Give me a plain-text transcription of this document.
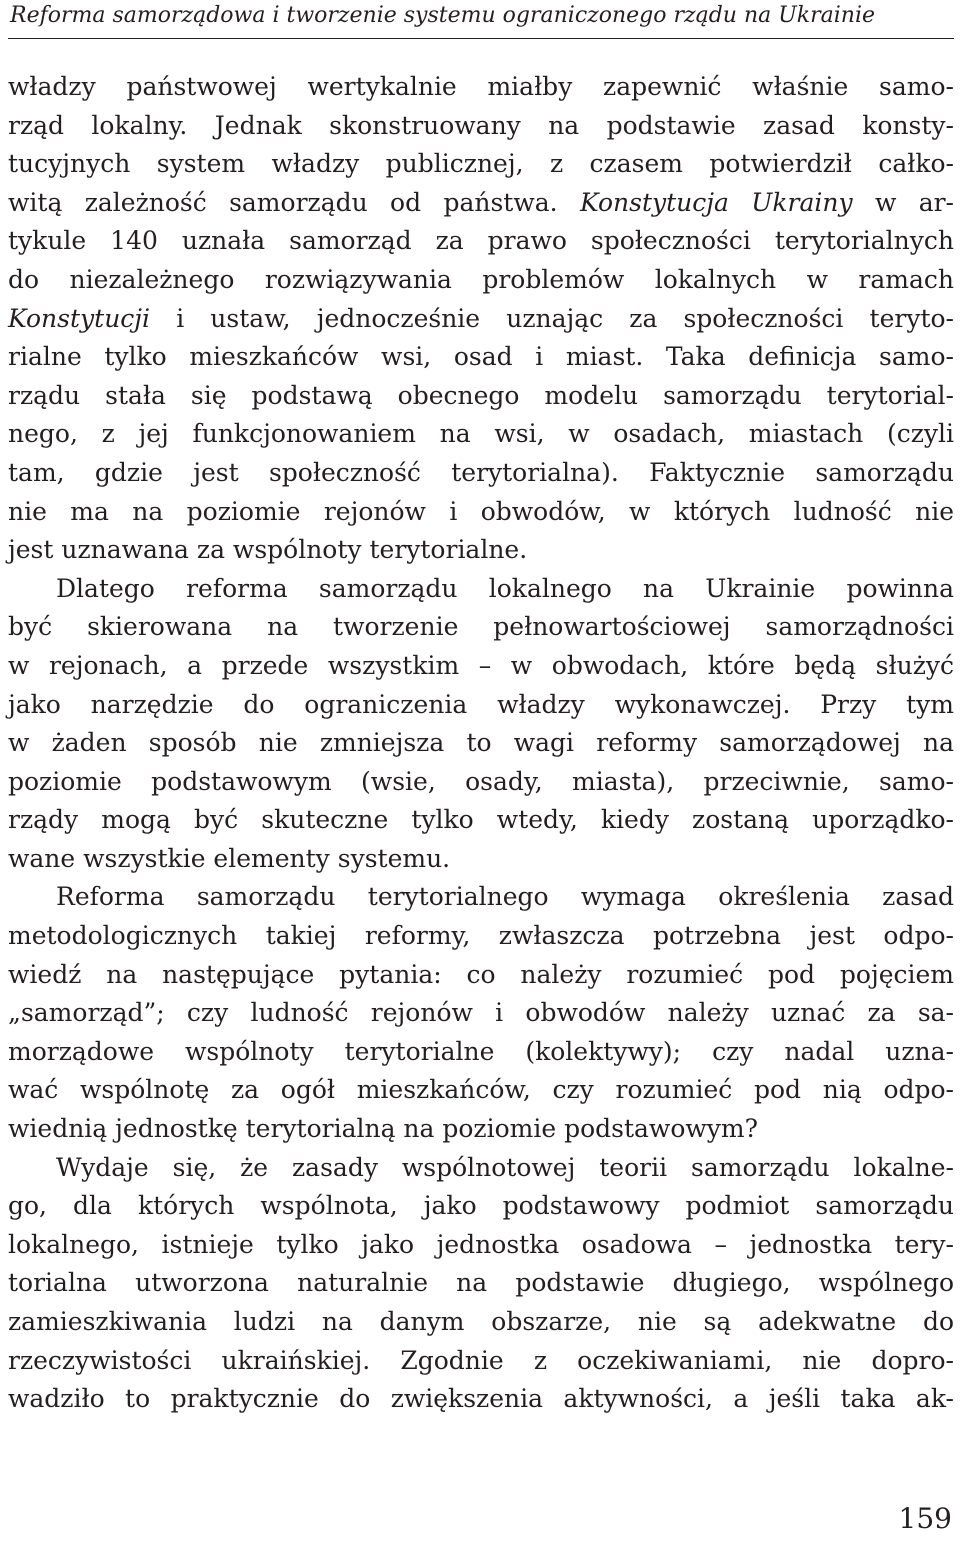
Reforma samorządowa i tworzenie systemu ograniczonego rządu na Ukrainie
władzy państwowej wertykalnie miałby zapewnić właśnie samo-
rząd lokalny. Jednak skonstruowany na podstawie zasad konsty-
tucyjnych system władzy publicznej, z czasem potwierdził całko-
witą zależność samorządu od państwa. Konstytucja Ukrainy w ar-
tykule 140 uznała samorząd za prawo społeczności terytorialnych
do niezależnego rozwiązywania problemów lokalnych w ramach
Konstytucji i ustaw, jednocześnie uznając za społeczności teryto-
rialne tylko mieszkańców wsi, osad i miast. Taka definicja samo-
rządu stała się podstawą obecnego modelu samorządu terytorial-
nego, z jej funkcjonowaniem na wsi, w osadach, miastach (czyli
tam, gdzie jest społeczność terytorialna). Faktycznie samorządu
nie ma na poziomie rejonów i obwodów, w których ludność nie
jest uznawana za wspólnoty terytorialne.
Dlatego reforma samorządu lokalnego na Ukrainie powinna
być skierowana na tworzenie pełnowartościowej samorządności
w rejonach, a przede wszystkim – w obwodach, które będą służyć
jako narzędzie do ograniczenia władzy wykonawczej. Przy tym
w żaden sposób nie zmniejsza to wagi reformy samorządowej na
poziomie podstawowym (wsie, osady, miasta), przeciwnie, samo-
rządy mogą być skuteczne tylko wtedy, kiedy zostaną uporządko-
wane wszystkie elementy systemu.
Reforma samorządu terytorialnego wymaga określenia zasad
metodologicznych takiej reformy, zwłaszcza potrzebna jest odpo-
wiedź na następujące pytania: co należy rozumieć pod pojęciem
„samorząd”; czy ludność rejonów i obwodów należy uznać za sa-
morządowe wspólnoty terytorialne (kolektywy); czy nadal uzna-
wać wspólnotę za ogół mieszkańców, czy rozumieć pod nią odpo-
wiednią jednostkę terytorialną na poziomie podstawowym?
Wydaje się, że zasady wspólnotowej teorii samorządu lokalne-
go, dla których wspólnota, jako podstawowy podmiot samorządu
lokalnego, istnieje tylko jako jednostka osadowa – jednostka tery-
torialna utworzona naturalnie na podstawie długiego, wspólnego
zamieszkiwania ludzi na danym obszarze, nie są adekwatne do
rzeczywistości ukraińskiej. Zgodnie z oczekiwaniami, nie dopro-
wadziło to praktycznie do zwiększenia aktywności, a jeśli taka ak-
159
